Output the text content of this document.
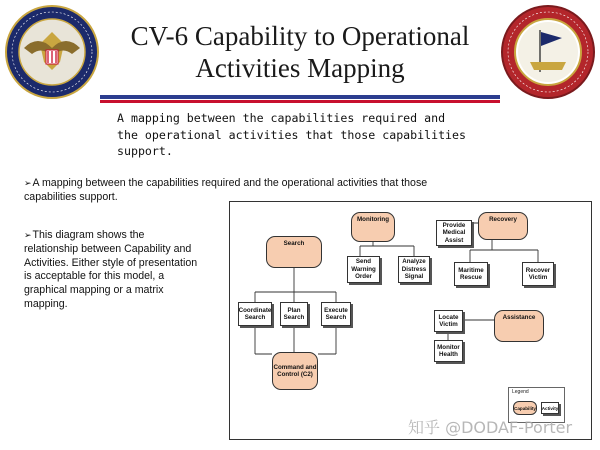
CV-6 Capability to Operational
Activities Mapping
A mapping between the capabilities required and
the operational activities that those capabilities
support.
➢A mapping between the capabilities required and the operational activities that those capabilities support.
➢This diagram shows the relationship between Capability and Activities. Either style of presentation is acceptable for this model, a graphical mapping or a matrix mapping.
Search
Command and Control (C2)
Monitoring	Recovery
Assistance
Coordinate Search
Plan Search
Execute Search
Send Warning Order
Analyze Distress Signal
Provide Medical Assist
Maritime Rescue
Recover Victim
Locate Victim
Monitor Health
Legend
Capability Activity
知乎 @DODAF-Porter
